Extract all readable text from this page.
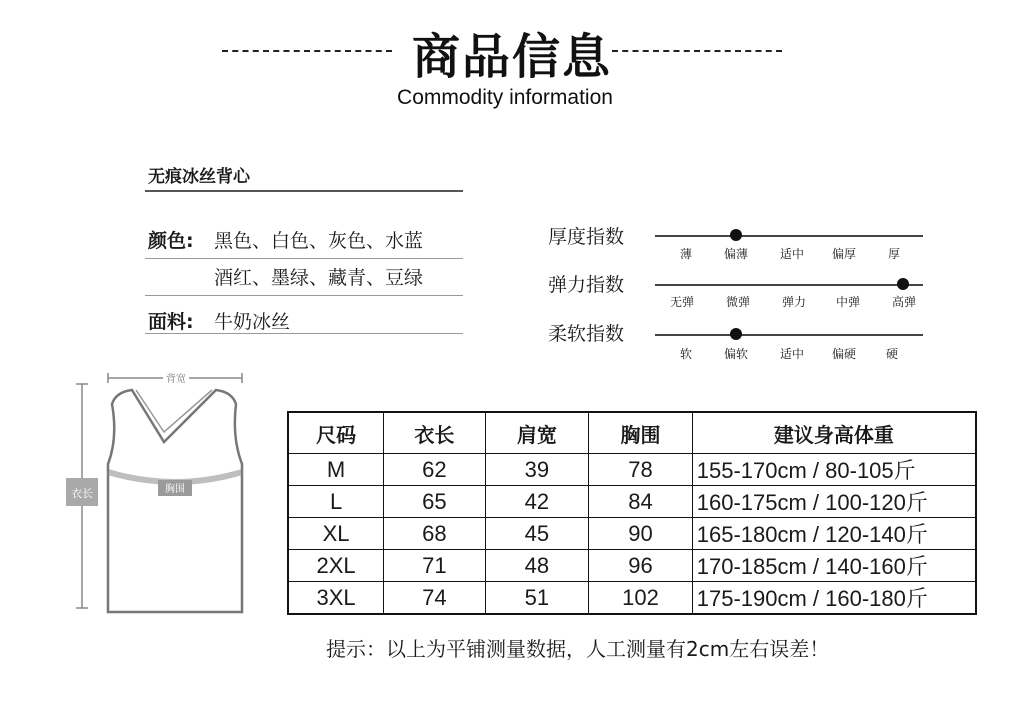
商品信息
Commodity information
无痕冰丝背心
颜色: 黑色、白色、灰色、水蓝
酒红、墨绿、藏青、豆绿
面料: 牛奶冰丝
厚度指数
薄	偏薄	适中	偏厚	厚
弹力指数
无弹	微弹	弹力	中弹	高弹
柔软指数
软	偏软	适中	偏硬	硬
背宽
衣长	胸围
尺码	衣长	肩宽	胸围	建议身高体重
M	62	39	78	155-170cm / 80-105斤
L	65	42	84	160-175cm / 100-120斤
XL	68	45	90	165-180cm / 120-140斤
2XL	71	48	96	170-185cm / 140-160斤
3XL	74	51	102	175-190cm / 160-180斤
提示：以上为平铺测量数据，人工测量有2cm左右误差！
